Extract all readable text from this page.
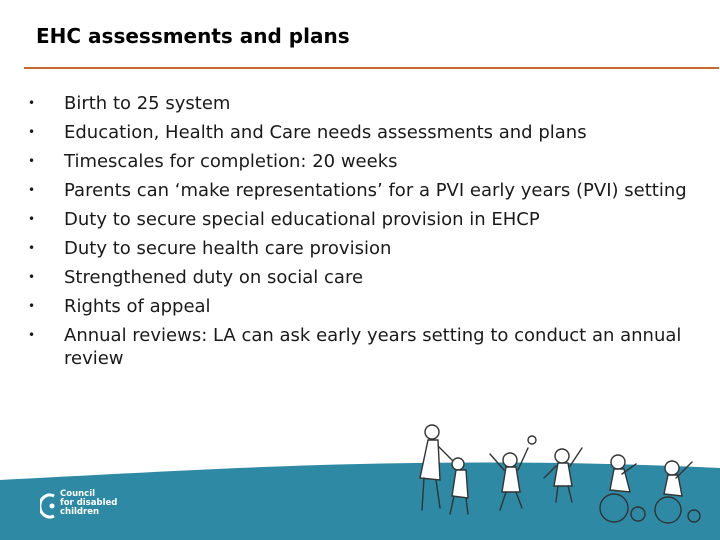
EHC assessments and plans
• Birth to 25 system
• Education, Health and Care needs assessments and plans
• Timescales for completion: 20 weeks
• Parents can ‘make representations’ for a PVI early years (PVI) setting
• Duty to secure special educational provision in EHCP
• Duty to secure health care provision
• Strengthened duty on social care
• Rights of appeal
• Annual reviews: LA can ask early years setting to conduct an annual review
Council
for disabled
children
